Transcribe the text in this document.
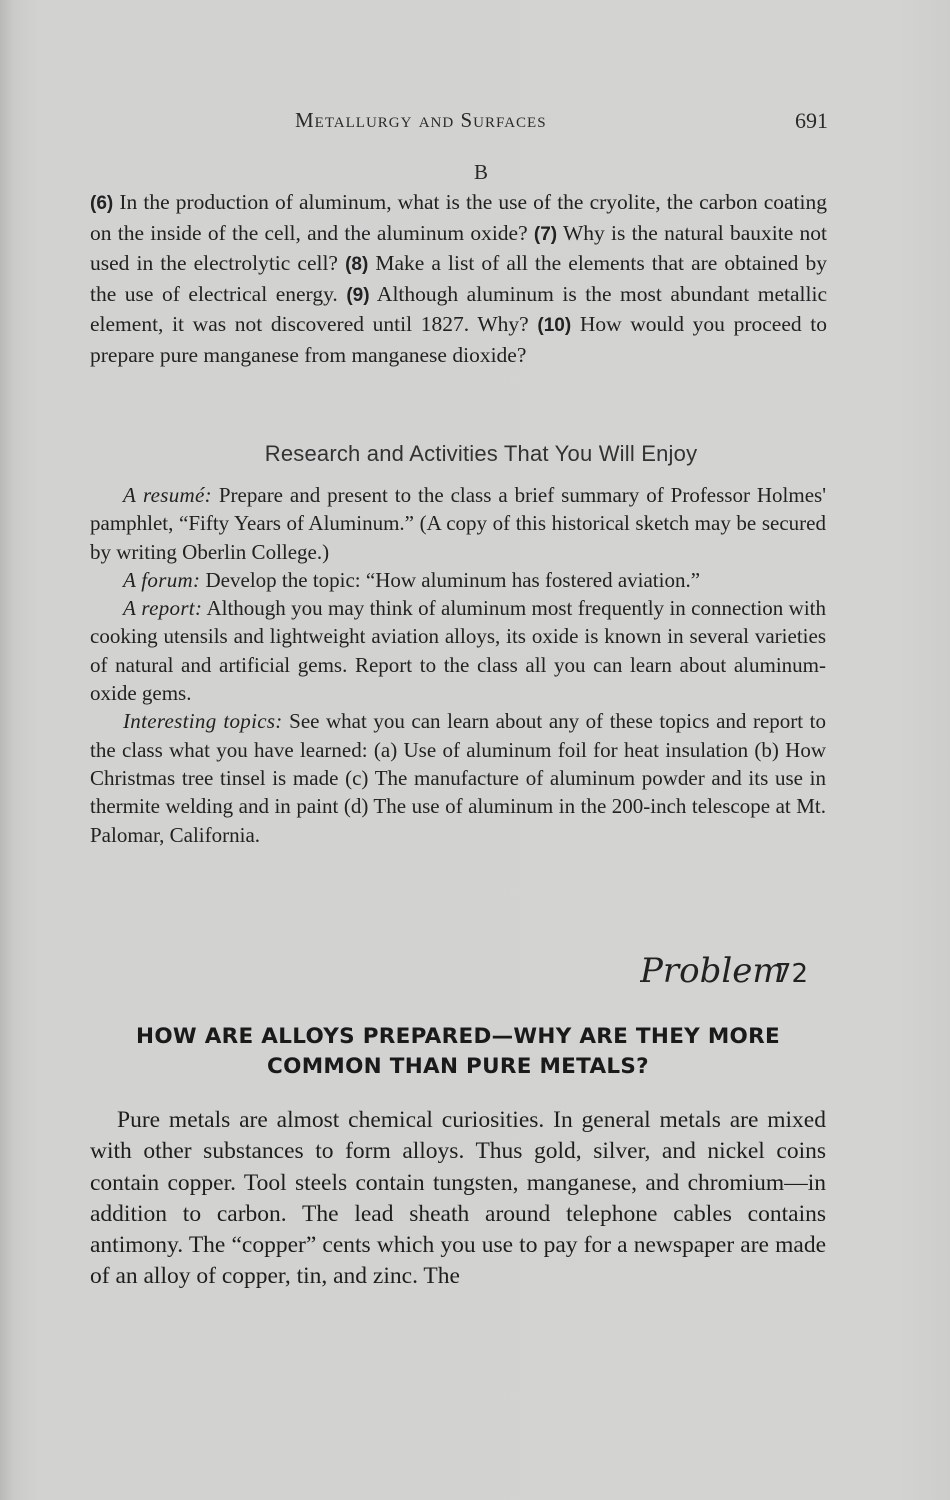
Metallurgy and Surfaces	691
B
(6) In the production of aluminum, what is the use of the cryolite, the carbon coating on the inside of the cell, and the aluminum oxide? (7) Why is the natural bauxite not used in the electrolytic cell? (8) Make a list of all the elements that are obtained by the use of electrical energy. (9) Although aluminum is the most abundant metallic element, it was not discovered until 1827. Why? (10) How would you proceed to prepare pure manganese from manganese dioxide?
Research and Activities That You Will Enjoy

A resumé: Prepare and present to the class a brief summary of Professor Holmes' pamphlet, “Fifty Years of Aluminum.” (A copy of this historical sketch may be secured by writing Oberlin College.)

A forum: Develop the topic: “How aluminum has fostered aviation.”

A report: Although you may think of aluminum most frequently in connection with cooking utensils and lightweight aviation alloys, its oxide is known in several varieties of natural and artificial gems. Report to the class all you can learn about aluminum-oxide gems.

Interesting topics: See what you can learn about any of these topics and report to the class what you have learned: (a) Use of aluminum foil for heat insulation (b) How Christmas tree tinsel is made (c) The manufacture of aluminum powder and its use in thermite welding and in paint (d) The use of aluminum in the 200-inch telescope at Mt. Palomar, California.

Problem
72
HOW ARE ALLOYS PREPARED—WHY ARE THEY MORE COMMON THAN PURE METALS?

Pure metals are almost chemical curiosities. In general metals are mixed with other substances to form alloys. Thus gold, silver, and nickel coins contain copper. Tool steels contain tungsten, manganese, and chromium—in addition to carbon. The lead sheath around telephone cables contains antimony. The “copper” cents which you use to pay for a newspaper are made of an alloy of copper, tin, and zinc. The
